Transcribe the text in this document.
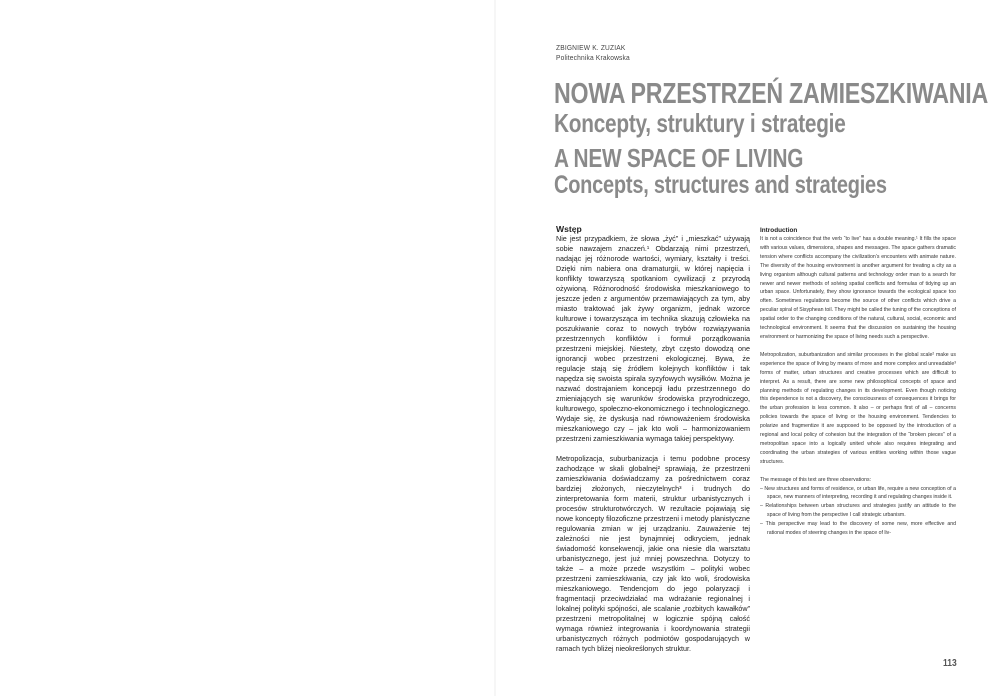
ZBIGNIEW K. ZUZIAK
Politechnika Krakowska
NOWA PRZESTRZEŃ ZAMIESZKIWANIA
Koncepty, struktury i strategie
A NEW SPACE OF LIVING
Concepts, structures and strategies
Wstęp

Nie jest przypadkiem, że słowa „żyć” i „mieszkać” używają sobie nawzajem znaczeń.¹ Obdarzają nimi przestrzeń, nadając jej różnorode wartości, wymiary, kształty i treści. Dzięki nim nabiera ona dramaturgii, w której napięcia i konflikty towarzyszą spotkaniom cywilizacji z przyrodą ożywioną. Różnorodność środowiska mieszkaniowego to jeszcze jeden z argumentów przemawiających za tym, aby miasto traktować jak żywy organizm, jednak wzorce kulturowe i towarzysząca im technika skazują człowieka na poszukiwanie coraz to nowych trybów rozwiązywania przestrzennych konfliktów i formuł porządkowania przestrzeni miejskiej. Niestety, zbyt często dowodzą one ignorancji wobec przestrzeni ekologicznej. Bywa, że regulacje stają się źródłem kolejnych konfliktów i tak napędza się swoista spirala syzyfowych wysiłków. Można je nazwać dostrajaniem koncepcji ładu przestrzennego do zmieniających się warunków środowiska przyrodniczego, kulturowego, społeczno-ekonomicznego i technologicznego. Wydaje się, że dyskusja nad równoważeniem środowiska mieszkaniowego czy – jak kto woli – harmonizowaniem przestrzeni zamieszkiwania wymaga takiej perspektywy.

Metropolizacja, suburbanizacja i temu podobne procesy zachodzące w skali globalnej² sprawiają, że przestrzeni zamieszkiwania doświadczamy za pośrednictwem coraz bardziej złożonych, nieczytelnych³ i trudnych do zinterpretowania form materii, struktur urbanistycznych i procesów strukturotwórczych. W rezultacie pojawiają się nowe koncepty filozoficzne przestrzeni i metody planistyczne regulowania zmian w jej urządzaniu. Zauważenie tej zależności nie jest bynajmniej odkryciem, jednak świadomość konsekwencji, jakie ona niesie dla warsztatu urbanistycznego, jest już mniej powszechna. Dotyczy to także – a może przede wszystkim – polityki wobec przestrzeni zamieszkiwania, czy jak kto woli, środowiska mieszkaniowego. Tendencjom do jego polaryzacji i fragmentacji przeciwdziałać ma wdrażanie regionalnej i lokalnej polityki spójności, ale scalanie „rozbitych kawałków” przestrzeni metropolitalnej w logicznie spójną całość wymaga również integrowania i koordynowania strategii urbanistycznych różnych podmiotów gospodarujących w ramach tych bliżej nieokreślonych struktur.

Introduction

It is not a coincidence that the verb “to live” has a double meaning.¹ It fills the space with various values, dimensions, shapes and messages. The space gathers dramatic tension where conflicts accompany the civilization’s encounters with animate nature. The diversity of the housing environment is another argument for treating a city as a living organism although cultural patterns and technology order man to a search for newer and newer methods of solving spatial conflicts and formulas of tidying up an urban space. Unfortunately, they show ignorance towards the ecological space too often. Sometimes regulations become the source of other conflicts which drive a peculiar spiral of Sisyphean toil. They might be called the tuning of the conceptions of spatial order to the changing conditions of the natural, cultural, social, economic and technological environment. It seems that the discussion on sustaining the housing environment or harmonizing the space of living needs such a perspective.

Metropolization, suburbanization and similar processes in the global scale² make us experience the space of living by means of more and more complex and unreadable³ forms of matter, urban structures and creative processes which are difficult to interpret. As a result, there are some new philosophical concepts of space and planning methods of regulating changes in its development. Even though noticing this dependence is not a discovery, the consciousness of consequences it brings for the urban profession is less common. It also – or perhaps first of all – concerns policies towards the space of living or the housing environment. Tendencies to polarize and fragmentize it are supposed to be opposed by the introduction of a regional and local policy of cohesion but the integration of the “broken pieces” of a metropolitan space into a logically united whole also requires integrating and coordinating the urban strategies of various entities working within those vague structures.

The message of this text are three observations:

– New structures and forms of residence, or urban life, require a new conception of a space, new manners of interpreting, recording it and regulating changes inside it.
– Relationships between urban structures and strategies justify an attitude to the space of living from the perspective I call strategic urbanism.
– This perspective may lead to the discovery of some new, more effective and rational modes of steering changes in the space of liv-
113
